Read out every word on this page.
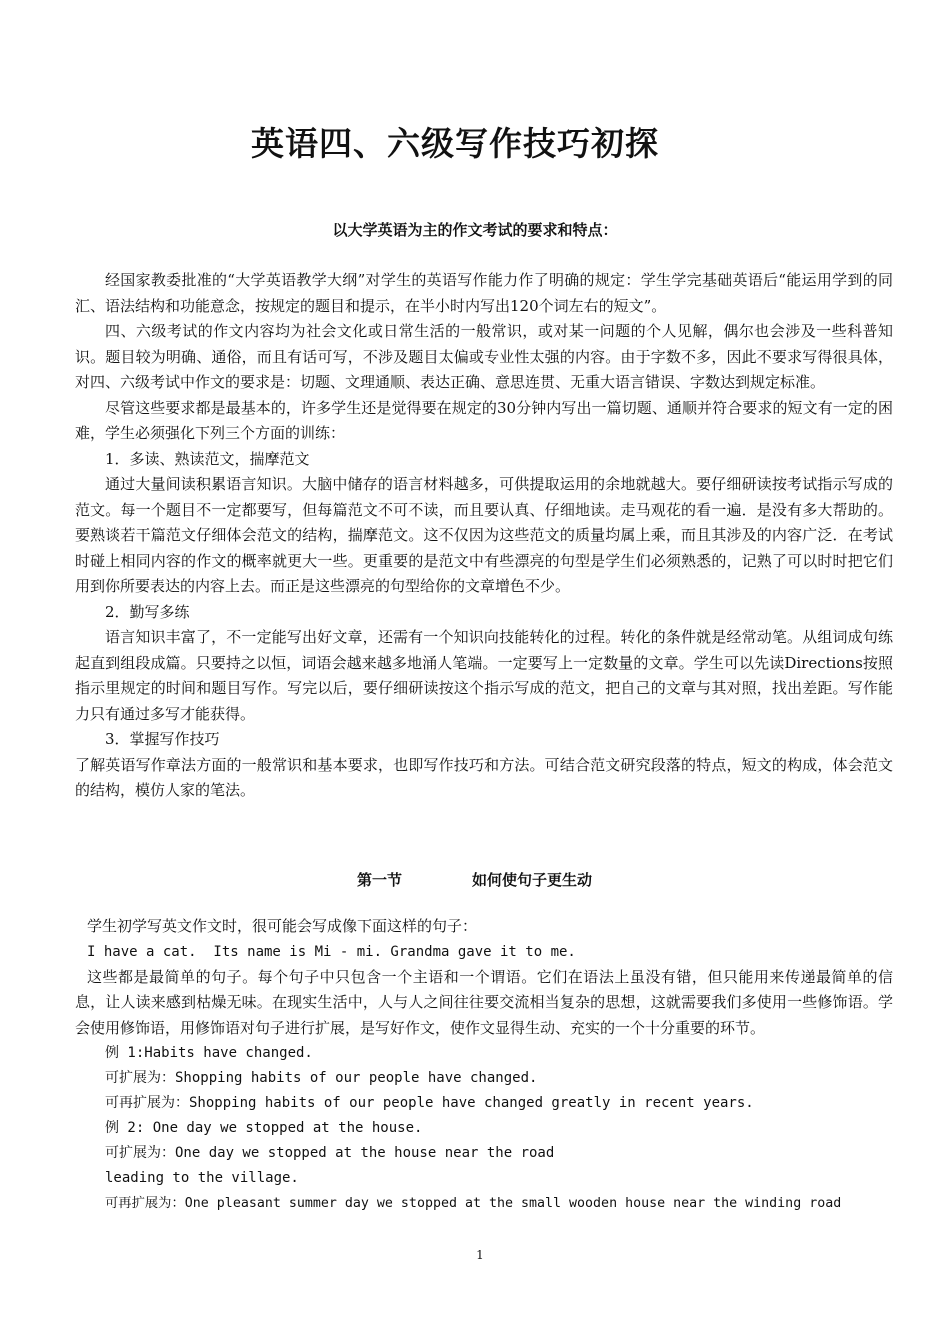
英语四、六级写作技巧初探
以大学英语为主的作文考试的要求和特点：

经国家教委批准的“大学英语教学大纲”对学生的英语写作能力作了明确的规定：学生学完基础英语后“能运用学到的同汇、语法结构和功能意念，按规定的题目和提示，在半小时内写出120个词左右的短文”。

四、六级考试的作文内容均为社会文化或日常生活的一般常识，或对某一问题的个人见解，偶尔也会涉及一些科普知识。题目较为明确、通俗，而且有话可写，不涉及题目太偏或专业性太强的内容。由于字数不多，因此不要求写得很具体，对四、六级考试中作文的要求是：切题、文理通顺、表达正确、意思连贯、无重大语言错误、字数达到规定标准。

尽管这些要求都是最基本的，许多学生还是觉得要在规定的30分钟内写出一篇切题、通顺并符合要求的短文有一定的困难，学生必须强化下列三个方面的训练：

1．多读、熟读范文，揣摩范文

通过大量间读积累语言知识。大脑中储存的语言材料越多，可供提取运用的余地就越大。要仔细研读按考试指示写成的范文。每一个题目不一定都要写，但每篇范文不可不读，而且要认真、仔细地读。走马观花的看一遍．是没有多大帮助的。要熟谈若干篇范文仔细体会范文的结构，揣摩范文。这不仅因为这些范文的质量均属上乘，而且其涉及的内容广泛．在考试时碰上相同内容的作文的概率就更大一些。更重要的是范文中有些漂亮的句型是学生们必须熟悉的，记熟了可以时时把它们用到你所要表达的内容上去。而正是这些漂亮的句型给你的文章增色不少。

2．勤写多练

语言知识丰富了，不一定能写出好文章，还需有一个知识向技能转化的过程。转化的条件就是经常动笔。从组词成句练起直到组段成篇。只要持之以恒，词语会越来越多地涌人笔端。一定要写上一定数量的文章。学生可以先读Directions按照指示里规定的时间和题目写作。写完以后，要仔细研读按这个指示写成的范文，把自己的文章与其对照，找出差距。写作能力只有通过多写才能获得。

3．掌握写作技巧

了解英语写作章法方面的一般常识和基本要求，也即写作技巧和方法。可结合范文研究段落的特点，短文的构成，体会范文的结构，模仿人家的笔法。

第一节	如何使句子更生动

学生初学写英文作文时，很可能会写成像下面这样的句子：

I have a cat.  Its name is Mi - mi. Grandma gave it to me.

这些都是最简单的句子。每个句子中只包含一个主语和一个谓语。它们在语法上虽没有错，但只能用来传递最简单的信息，让人读来感到枯燥无味。在现实生活中，人与人之间往往要交流相当复杂的思想，这就需要我们多使用一些修饰语。学会使用修饰语，用修饰语对句子进行扩展，是写好作文，使作文显得生动、充实的一个十分重要的环节。

例 1:Habits have changed.

可扩展为：Shopping habits of our people have changed.

可再扩展为：Shopping habits of our people have changed greatly in recent years.

例 2: One day we stopped at the house.

可扩展为：One day we stopped at the house near the road

leading to the village.

可再扩展为：One pleasant summer day we stopped at the small wooden house near the winding road

1
